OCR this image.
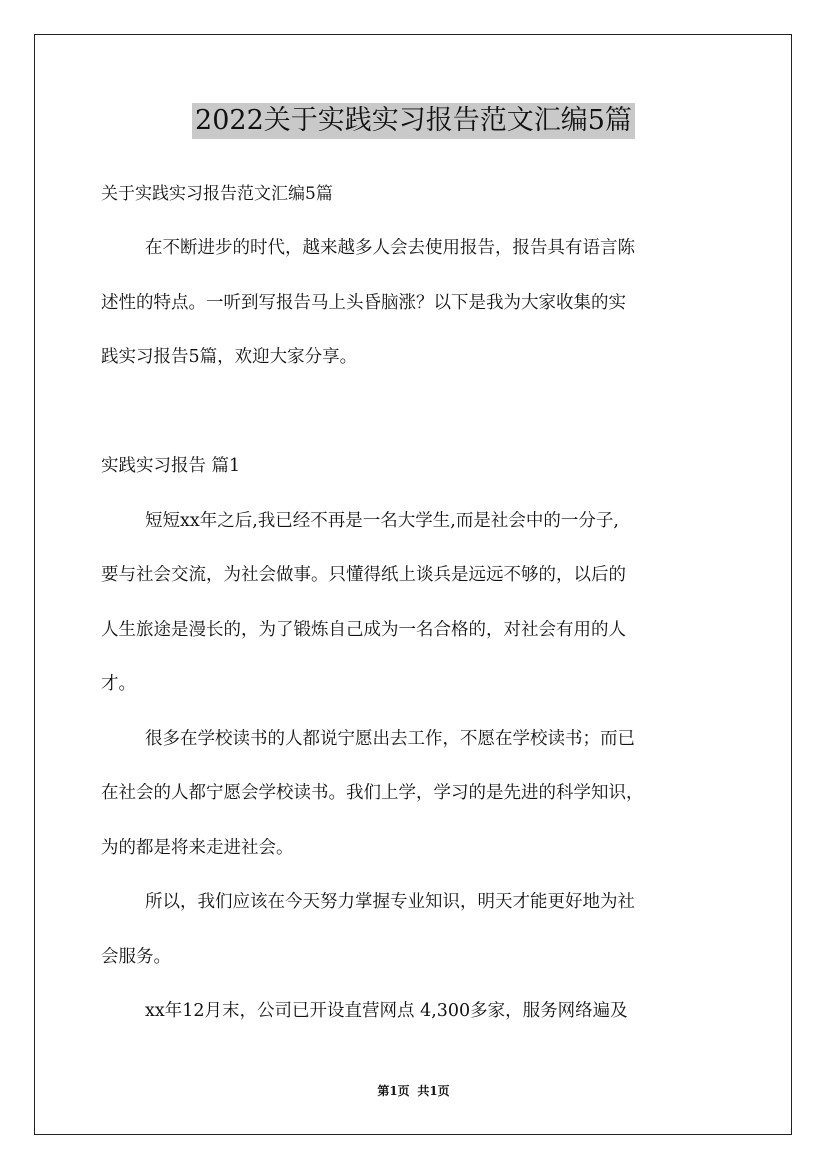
2022关于实践实习报告范文汇编5篇
关于实践实习报告范文汇编5篇
在不断进步的时代，越来越多人会去使用报告，报告具有语言陈
述性的特点。一听到写报告马上头昏脑涨？以下是我为大家收集的实
践实习报告5篇，欢迎大家分享。
实践实习报告 篇1
短短xx年之后,我已经不再是一名大学生,而是社会中的一分子,
要与社会交流，为社会做事。只懂得纸上谈兵是远远不够的，以后的
人生旅途是漫长的，为了锻炼自己成为一名合格的，对社会有用的人
才。
很多在学校读书的人都说宁愿出去工作，不愿在学校读书；而已
在社会的人都宁愿会学校读书。我们上学，学习的是先进的科学知识，
为的都是将来走进社会。
所以，我们应该在今天努力掌握专业知识，明天才能更好地为社
会服务。
xx年12月末，公司已开设直营网点 4,300多家，服务网络遍及
第1页 共1页
